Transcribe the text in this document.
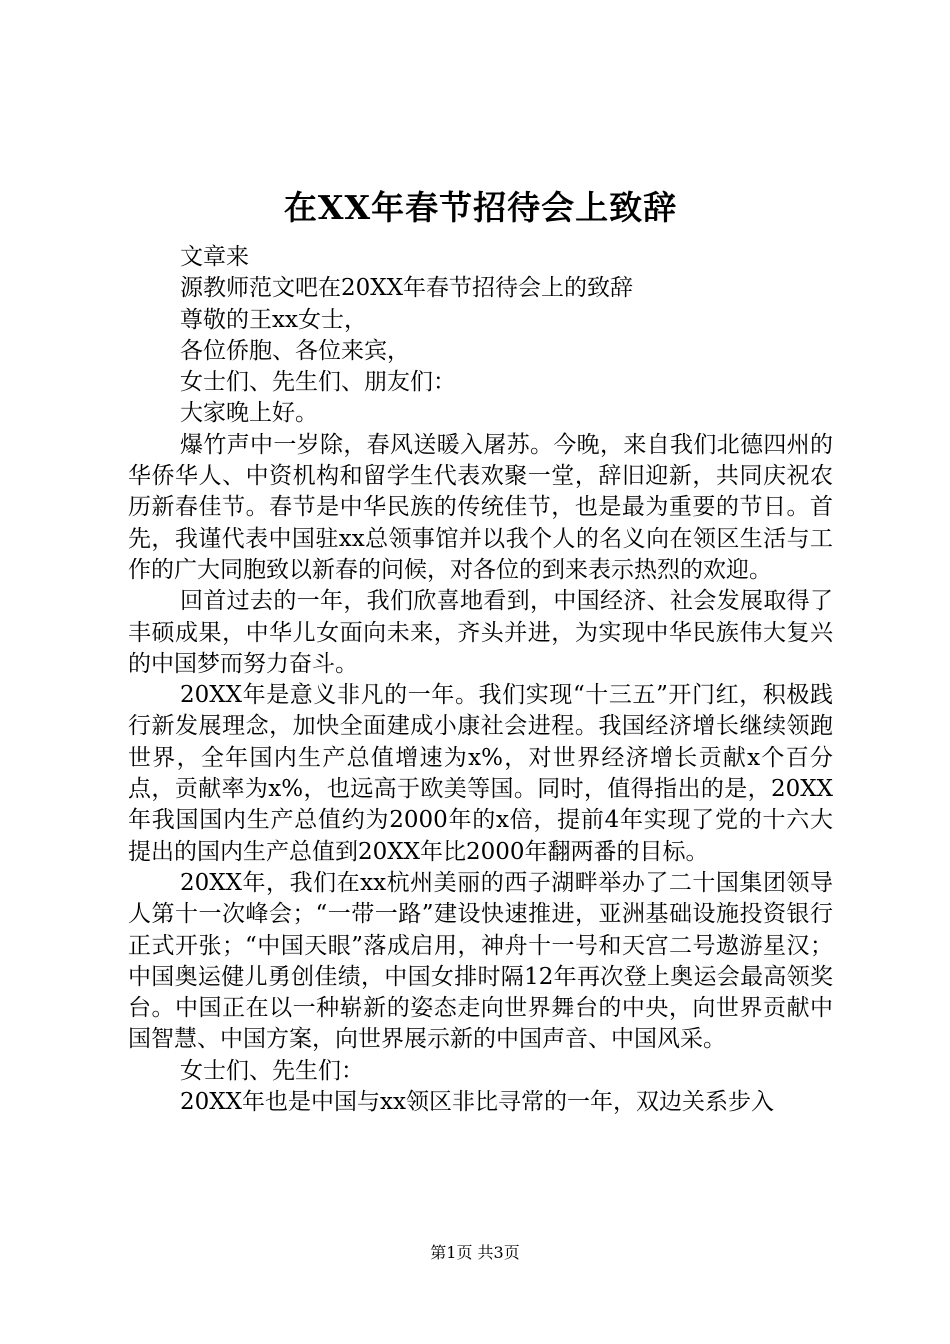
在XX年春节招待会上致辞

文章来

源教师范文吧在20XX年春节招待会上的致辞

尊敬的王xx女士，

各位侨胞、各位来宾，

女士们、先生们、朋友们：

大家晚上好。

爆竹声中一岁除，春风送暖入屠苏。今晚，来自我们北德四州的华侨华人、中资机构和留学生代表欢聚一堂，辞旧迎新，共同庆祝农历新春佳节。春节是中华民族的传统佳节，也是最为重要的节日。首先，我谨代表中国驻xx总领事馆并以我个人的名义向在领区生活与工作的广大同胞致以新春的问候，对各位的到来表示热烈的欢迎。

回首过去的一年，我们欣喜地看到，中国经济、社会发展取得了丰硕成果，中华儿女面向未来，齐头并进，为实现中华民族伟大复兴的中国梦而努力奋斗。

20XX年是意义非凡的一年。我们实现“十三五”开门红，积极践行新发展理念，加快全面建成小康社会进程。我国经济增长继续领跑世界，全年国内生产总值增速为x%，对世界经济增长贡献x个百分点，贡献率为x%，也远高于欧美等国。同时，值得指出的是，20XX年我国国内生产总值约为2000年的x倍，提前4年实现了党的十六大提出的国内生产总值到20XX年比2000年翻两番的目标。

20XX年，我们在xx杭州美丽的西子湖畔举办了二十国集团领导人第十一次峰会；“一带一路”建设快速推进，亚洲基础设施投资银行正式开张；“中国天眼”落成启用，神舟十一号和天宫二号遨游星汉；中国奥运健儿勇创佳绩，中国女排时隔12年再次登上奥运会最高领奖台。中国正在以一种崭新的姿态走向世界舞台的中央，向世界贡献中国智慧、中国方案，向世界展示新的中国声音、中国风采。

女士们、先生们：

20XX年也是中国与xx领区非比寻常的一年，双边关系步入

第1页 共3页
